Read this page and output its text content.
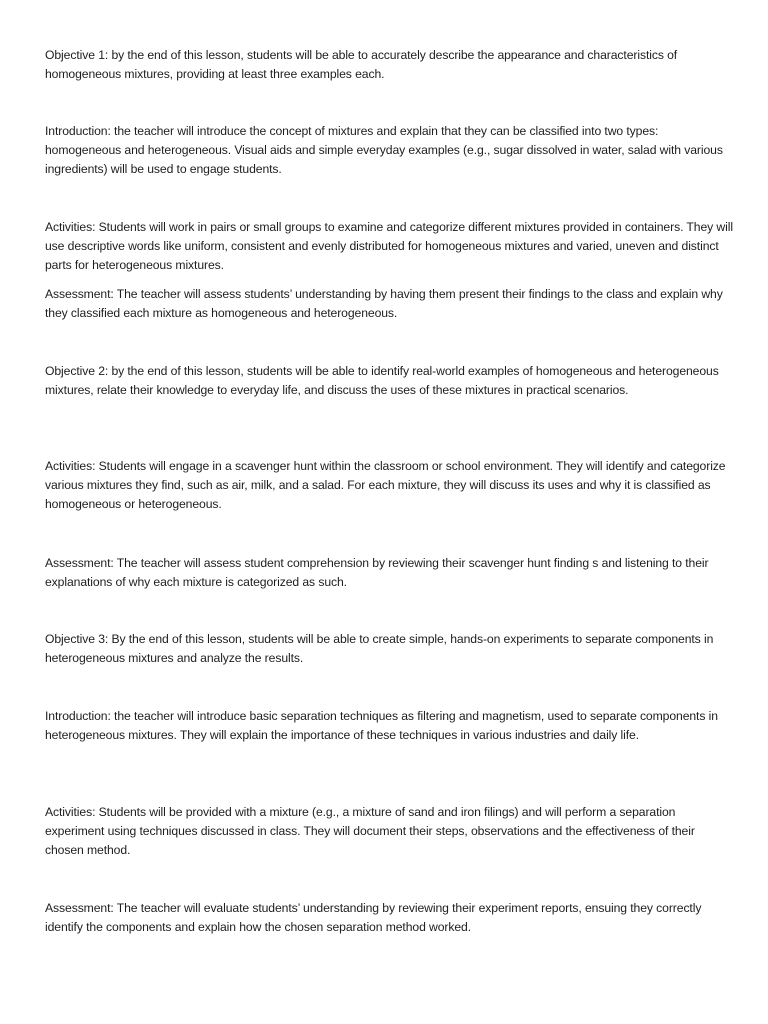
Objective 1: by the end of this lesson, students will be able to accurately describe the appearance and characteristics of homogeneous mixtures, providing at least three examples each.

Introduction: the teacher will introduce the concept of mixtures and explain that they can be classified into two types: homogeneous and heterogeneous. Visual aids and simple everyday examples (e.g., sugar dissolved in water, salad with various ingredients) will be used to engage students.

Activities: Students will work in pairs or small groups to examine and categorize different mixtures provided in containers. They will use descriptive words like uniform, consistent and evenly distributed for homogeneous mixtures and varied, uneven and distinct parts for heterogeneous mixtures.

Assessment: The teacher will assess students’ understanding by having them present their findings to the class and explain why they classified each mixture as homogeneous and heterogeneous.

Objective 2: by the end of this lesson, students will be able to identify real-world examples of homogeneous and heterogeneous mixtures, relate their knowledge to everyday life, and discuss the uses of these mixtures in practical scenarios.

Activities: Students will engage in a scavenger hunt within the classroom or school environment. They will identify and categorize various mixtures they find, such as air, milk, and a salad. For each mixture, they will discuss its uses and why it is classified as homogeneous or heterogeneous.

Assessment: The teacher will assess student comprehension by reviewing their scavenger hunt finding s and listening to their explanations of why each mixture is categorized as such.

Objective 3: By the end of this lesson, students will be able to create simple, hands-on experiments to separate components in heterogeneous mixtures and analyze the results.

Introduction: the teacher will introduce basic separation techniques as filtering and magnetism, used to separate components in heterogeneous mixtures. They will explain the importance of these techniques in various industries and daily life.

Activities: Students will be provided with a mixture (e.g., a mixture of sand and iron filings) and will perform a separation experiment using techniques discussed in class. They will document their steps, observations and the effectiveness of their chosen method.

Assessment: The teacher will evaluate students’ understanding by reviewing their experiment reports, ensuing they correctly identify the components and explain how the chosen separation method worked.
